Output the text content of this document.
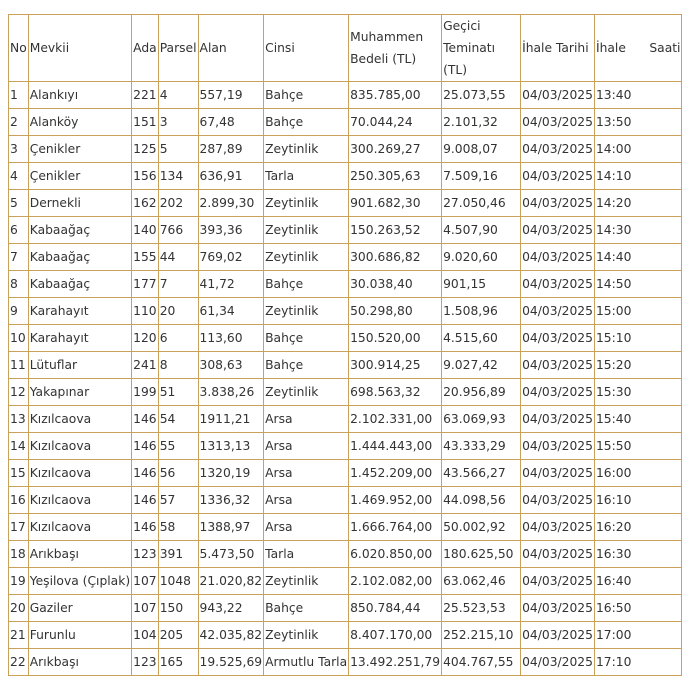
No	Mevkii	Ada	Parsel	Alan	Cinsi	Muhammen Bedeli (TL)	Geçici Teminatı (TL)	İhale Tarihi	İhale      Saati
1	Alankıyı	221	4	557,19	Bahçe	835.785,00	25.073,55	04/03/2025	13:40
2	Alanköy	151	3	67,48	Bahçe	70.044,24	2.101,32	04/03/2025	13:50
3	Çenikler	125	5	287,89	Zeytinlik	300.269,27	9.008,07	04/03/2025	14:00
4	Çenikler	156	134	636,91	Tarla	250.305,63	7.509,16	04/03/2025	14:10
5	Dernekli	162	202	2.899,30	Zeytinlik	901.682,30	27.050,46	04/03/2025	14:20
6	Kabaağaç	140	766	393,36	Zeytinlik	150.263,52	4.507,90	04/03/2025	14:30
7	Kabaağaç	155	44	769,02	Zeytinlik	300.686,82	9.020,60	04/03/2025	14:40
8	Kabaağaç	177	7	41,72	Bahçe	30.038,40	901,15	04/03/2025	14:50
9	Karahayıt	110	20	61,34	Zeytinlik	50.298,80	1.508,96	04/03/2025	15:00
10	Karahayıt	120	6	113,60	Bahçe	150.520,00	4.515,60	04/03/2025	15:10
11	Lütuflar	241	8	308,63	Bahçe	300.914,25	9.027,42	04/03/2025	15:20
12	Yakapınar	199	51	3.838,26	Zeytinlik	698.563,32	20.956,89	04/03/2025	15:30
13	Kızılcaova	146	54	1911,21	Arsa	2.102.331,00	63.069,93	04/03/2025	15:40
14	Kızılcaova	146	55	1313,13	Arsa	1.444.443,00	43.333,29	04/03/2025	15:50
15	Kızılcaova	146	56	1320,19	Arsa	1.452.209,00	43.566,27	04/03/2025	16:00
16	Kızılcaova	146	57	1336,32	Arsa	1.469.952,00	44.098,56	04/03/2025	16:10
17	Kızılcaova	146	58	1388,97	Arsa	1.666.764,00	50.002,92	04/03/2025	16:20
18	Arıkbaşı	123	391	5.473,50	Tarla	6.020.850,00	180.625,50	04/03/2025	16:30
19	Yeşilova (Çıplak)	107	1048	21.020,82	Zeytinlik	2.102.082,00	63.062,46	04/03/2025	16:40
20	Gaziler	107	150	943,22	Bahçe	850.784,44	25.523,53	04/03/2025	16:50
21	Furunlu	104	205	42.035,82	Zeytinlik	8.407.170,00	252.215,10	04/03/2025	17:00
22	Arıkbaşı	123	165	19.525,69	Armutlu Tarla	13.492.251,79	404.767,55	04/03/2025	17:10
